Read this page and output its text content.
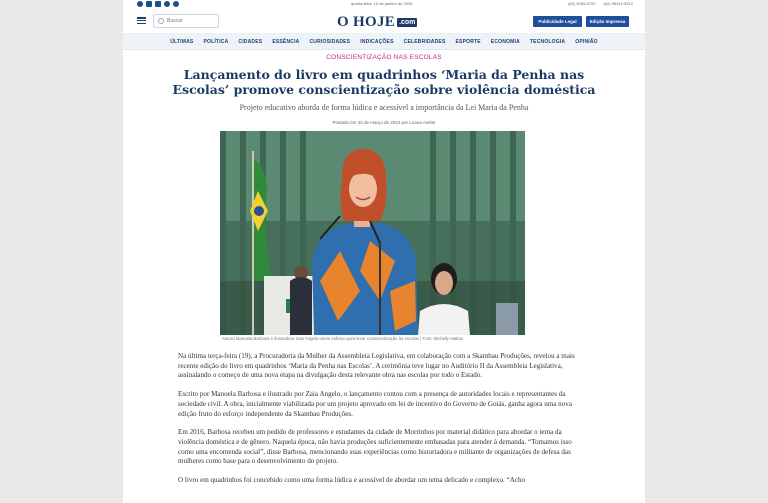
quarta-feira, 15 de janeiro de 2025	(62) 3095-8700 (62) 98419-5512
Buscar
O HOJE .com	Publicidade Legal	Edição Impressa
ÚLTIMAS POLÍTICA CIDADES ESSÊNCIA CURIOSIDADES INDICAÇÕES CELEBRIDADES ESPORTE ECONOMIA TECNOLOGIA OPINIÃO
CONSCIENTIZAÇÃO NAS ESCOLAS
Lançamento do livro em quadrinhos ‘Maria da Penha nas Escolas’ promove conscientização sobre violência doméstica
Projeto educativo aborda de forma lúdica e acessível a importância da Lei Maria da Penha
Postado em 20 de março de 2024 por Luana Avelar
Autora Manoela Barbosa e ilustradora Zaia Angelo unem esforço para levar conscientização às escolas | Foto: Michelly Mattos

Na última terça-feira (19), a Procuradoria da Mulher da Assembleia Legislativa, em colaboração com a Skambau Produções, revelou a mais recente edição do livro em quadrinhos ‘Maria da Penha nas Escolas’. A cerimônia teve lugar no Auditório II da Assembleia Legislativa, assinalando o começo de uma nova etapa na divulgação desta relevante obra nas escolas por todo o Estado.

Escrito por Manoela Barbosa e ilustrado por Zaia Angelo, o lançamento contou com a presença de autoridades locais e representantes da sociedade civil. A obra, inicialmente viabilizada por um projeto aprovado em lei de incentivo do Governo de Goiás, ganha agora uma nova edição fruto do esforço independente da Skambau Produções.

Em 2016, Barbosa recebeu um pedido de professores e estudantes da cidade de Morrinhos por material didático para abordar o tema da violência doméstica e de gênero. Naquela época, não havia produções suficientemente embasadas para atender à demanda. “Tomamos isso como uma encomenda social”, disse Barbosa, mencionando suas experiências como historiadora e militante de organizações de defesa das mulheres como base para o desenvolvimento do projeto.

O livro em quadrinhos foi concebido como uma forma lúdica e acessível de abordar um tema delicado e complexo. “Acho
